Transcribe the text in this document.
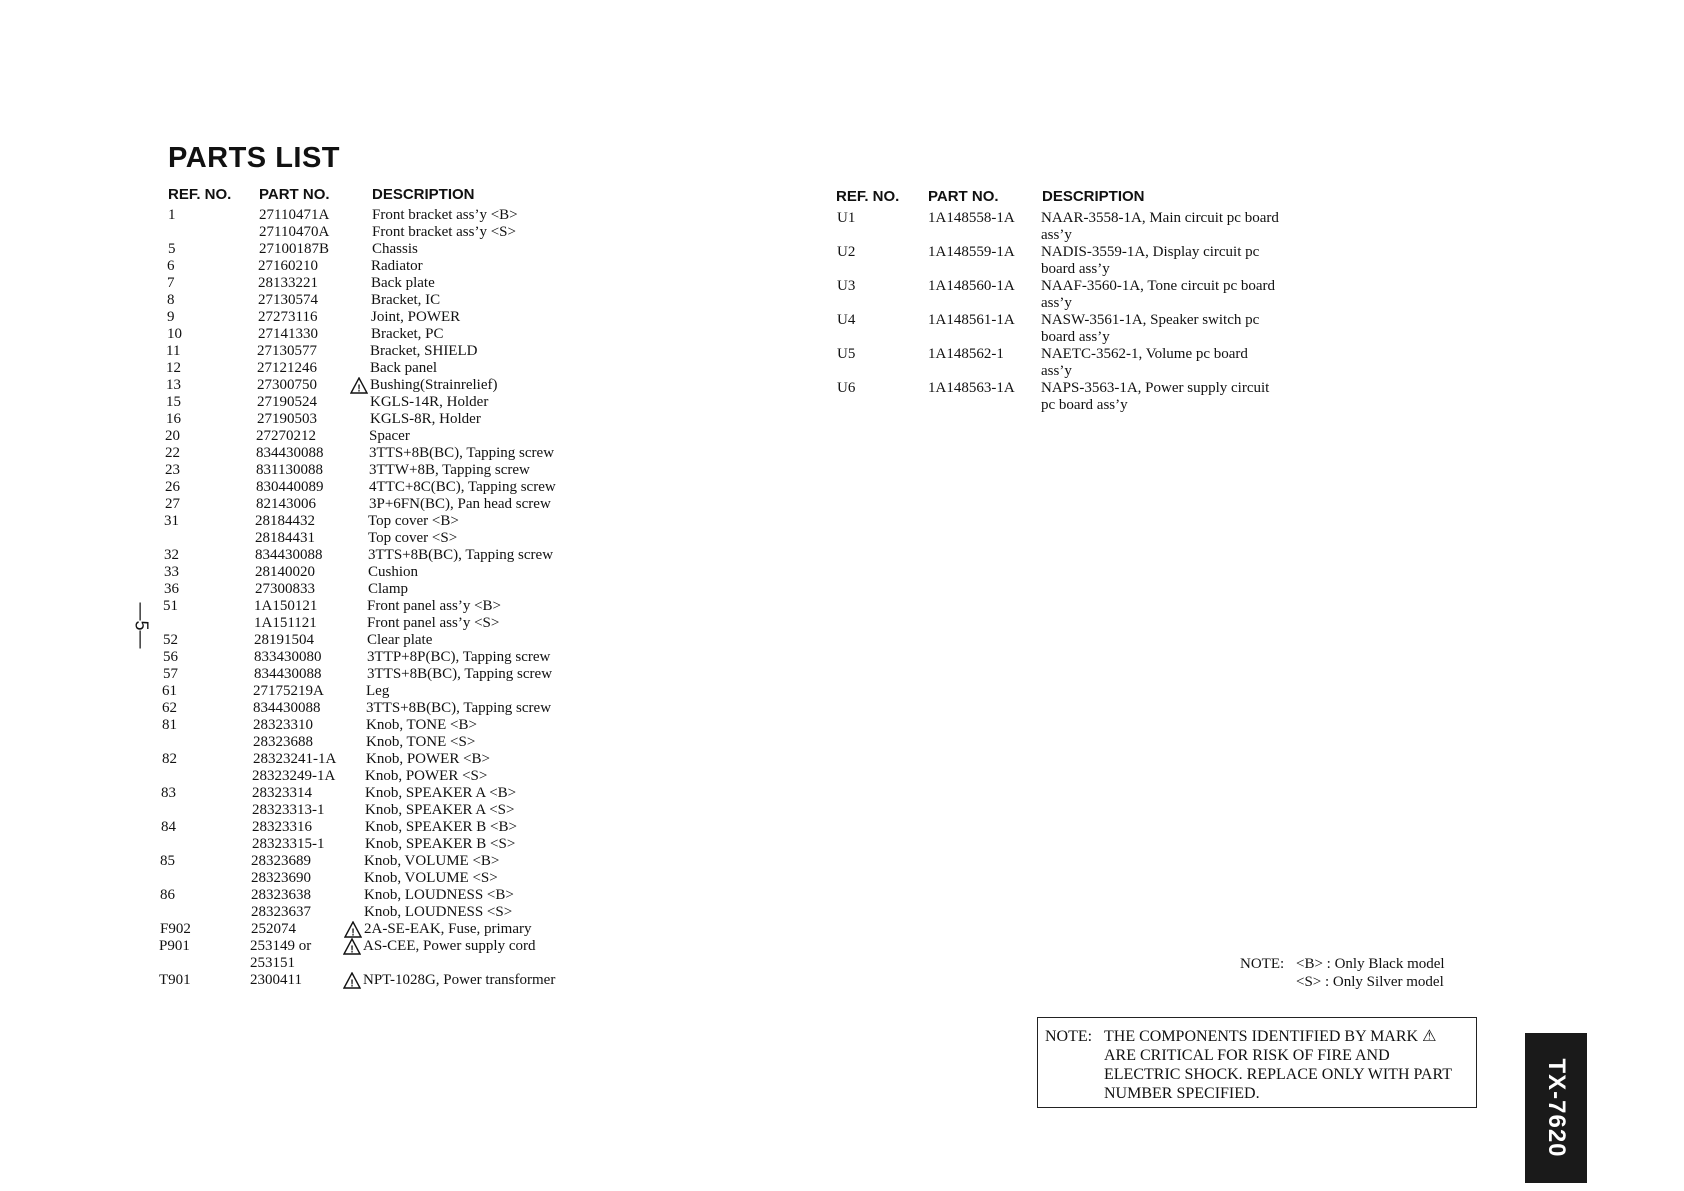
PARTS LIST
REF. NO. PART NO.	DESCRIPTION
1	27110471A	Front bracket ass’y <B>
27110470A	Front bracket ass’y <S>
5	27100187B	Chassis
6	27160210	Radiator
7	28133221	Back plate
8	27130574	Bracket, IC
9	27273116	Joint, POWER
10	27141330	Bracket, PC
11	27130577	Bracket, SHIELD
12	27121246	Back panel
13	27300750	Bushing(Strainrelief)
!
15	27190524	KGLS-14R, Holder
16	27190503	KGLS-8R, Holder
20	27270212	Spacer
22	834430088	3TTS+8B(BC), Tapping screw
23	831130088	3TTW+8B, Tapping screw
26	830440089	4TTC+8C(BC), Tapping screw
27	82143006	3P+6FN(BC), Pan head screw
31	28184432	Top cover <B>
28184431	Top cover <S>
32	834430088	3TTS+8B(BC), Tapping screw
33	28140020	Cushion
36	27300833	Clamp
51	1A150121	Front panel ass’y <B>
1A151121	Front panel ass’y <S>
52	28191504	Clear plate
56	833430080	3TTP+8P(BC), Tapping screw
57	834430088	3TTS+8B(BC), Tapping screw
61	27175219A	Leg
62	834430088	3TTS+8B(BC), Tapping screw
81	28323310	Knob, TONE <B>
28323688	Knob, TONE <S>
82	28323241-1A Knob, POWER <B>
28323249-1A Knob, POWER <S>
83	28323314	Knob, SPEAKER A <B>
28323313-1	Knob, SPEAKER A <S>
84	28323316	Knob, SPEAKER B <B>
28323315-1	Knob, SPEAKER B <S>
85	28323689	Knob, VOLUME <B>
28323690	Knob, VOLUME <S>
86	28323638	Knob, LOUDNESS <B>
28323637	Knob, LOUDNESS <S>
F902	252074	2A-SE-EAK, Fuse, primary
!
P901	253149 or	AS-CEE, Power supply cord
!
253151
T901	2300411	NPT-1028G, Power transformer
!
REF. NO. PART NO.	DESCRIPTION
U1	1A148558-1A NAAR-3558-1A, Main circuit pc board ass’y
U2	1A148559-1A NADIS-3559-1A, Display circuit pc board ass’y
U3	1A148560-1A NAAF-3560-1A, Tone circuit pc board ass’y
U4	1A148561-1A NASW-3561-1A, Speaker switch pc board ass’y
U5	1A148562-1 NAETC-3562-1, Volume pc board ass’y
U6	1A148563-1A NAPS-3563-1A, Power supply circuit pc board ass’y
—5—
NOTE: <B> : Only Black model
<S> : Only Silver model
NOTE: THE COMPONENTS IDENTIFIED BY MARK ⚠ ARE CRITICAL FOR RISK OF FIRE AND ELECTRIC SHOCK. REPLACE ONLY WITH PART NUMBER SPECIFIED.	TX-7620
